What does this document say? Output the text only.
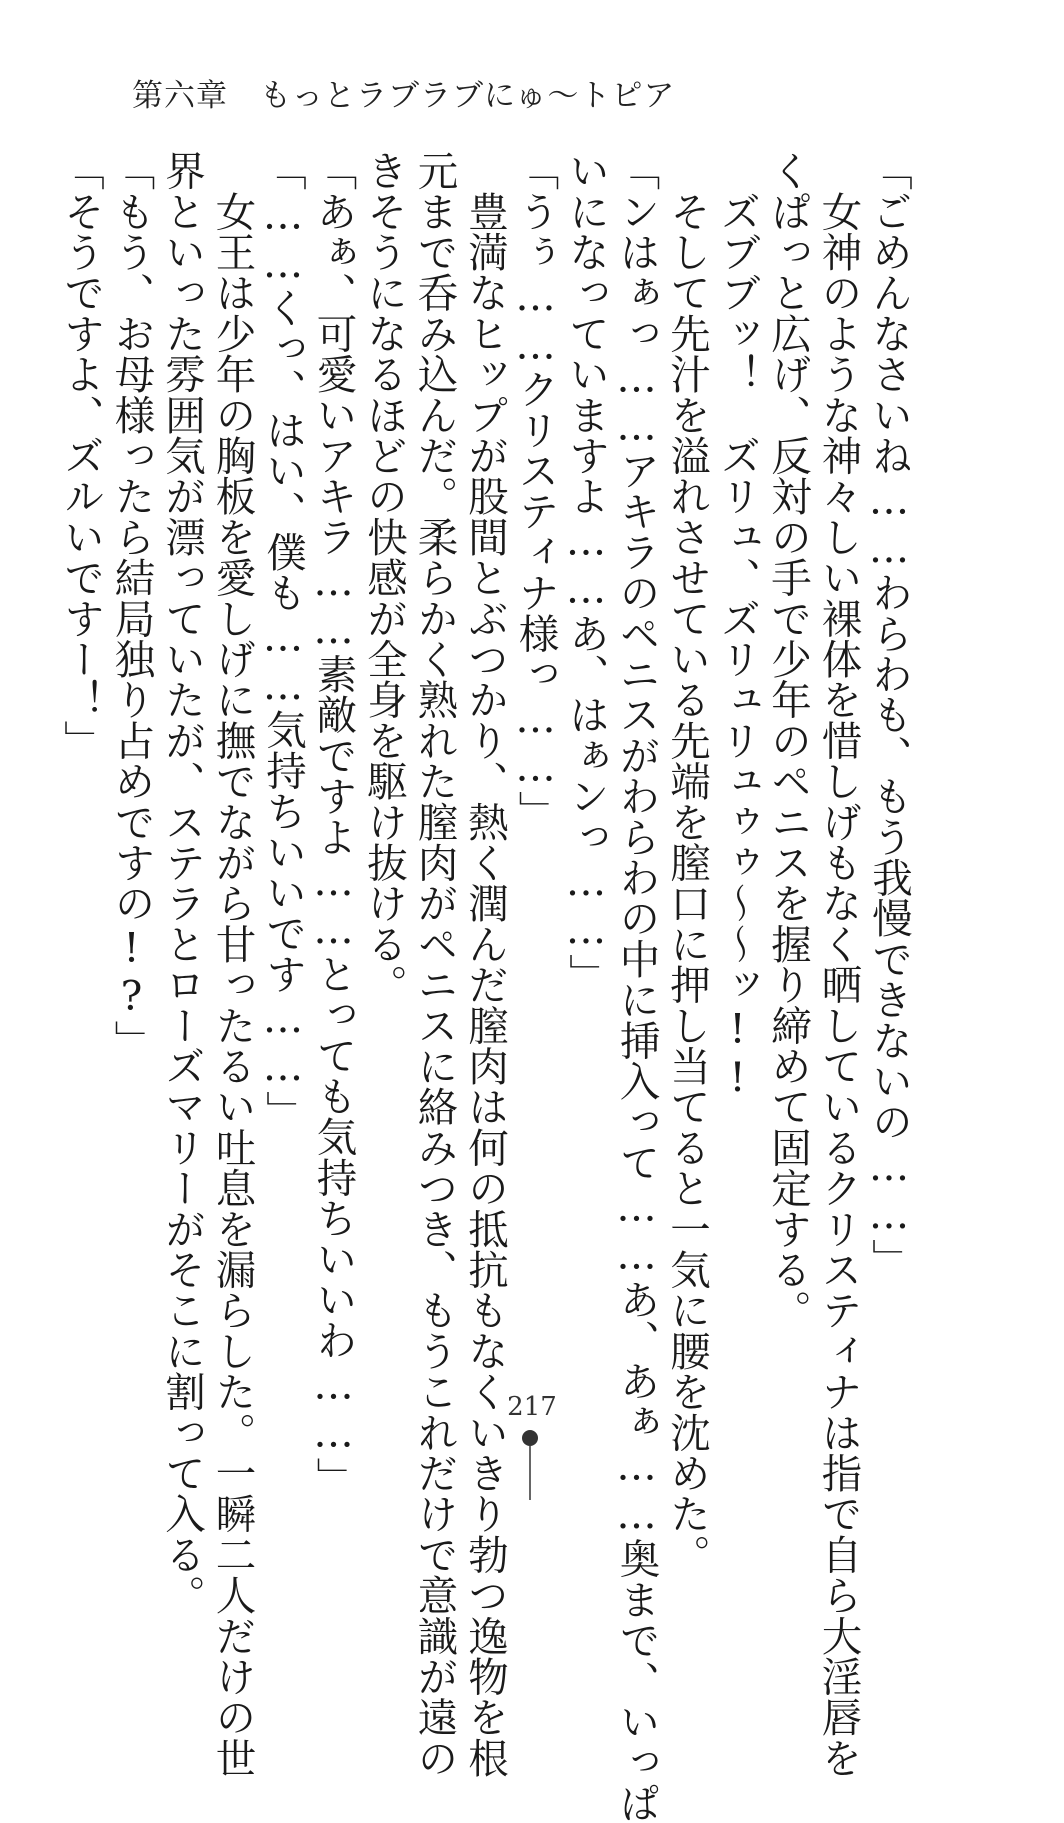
第六章　もっとラブラブにゅ～トピア
「ごめんなさいね……わらわも、もう我慢できないの……」
　女神のような神々しい裸体を惜しげもなく晒しているクリスティナは指で自ら大淫唇を
くぱっと広げ、反対の手で少年のペニスを握り締めて固定する。
　ズブブッ！　ズリュ、ズリュリュゥゥ～～ッ!!
　そして先汁を溢れさせている先端を膣口に押し当てると一気に腰を沈めた。
「ンはぁっ……アキラのペニスがわらわの中に挿入って……あ、あぁ……奥まで、いっぱ
いになっていますよ……あ、はぁンっ……」
「うぅ……クリスティナ様っ……」
　豊満なヒップが股間とぶつかり、熱く潤んだ膣肉は何の抵抗もなくいきり勃つ逸物を根
元まで呑み込んだ。柔らかく熟れた膣肉がペニスに絡みつき、もうこれだけで意識が遠の
きそうになるほどの快感が全身を駆け抜ける。
「あぁ、可愛いアキラ……素敵ですよ……とっても気持ちいいわ……」
「……くっ、はい、僕も……気持ちいいです……」
　女王は少年の胸板を愛しげに撫でながら甘ったるい吐息を漏らした。一瞬二人だけの世
界といった雰囲気が漂っていたが、ステラとローズマリーがそこに割って入る。
「もう、お母様ったら結局独り占めですの!?」
「そうですよ、ズルいですー！」
217
